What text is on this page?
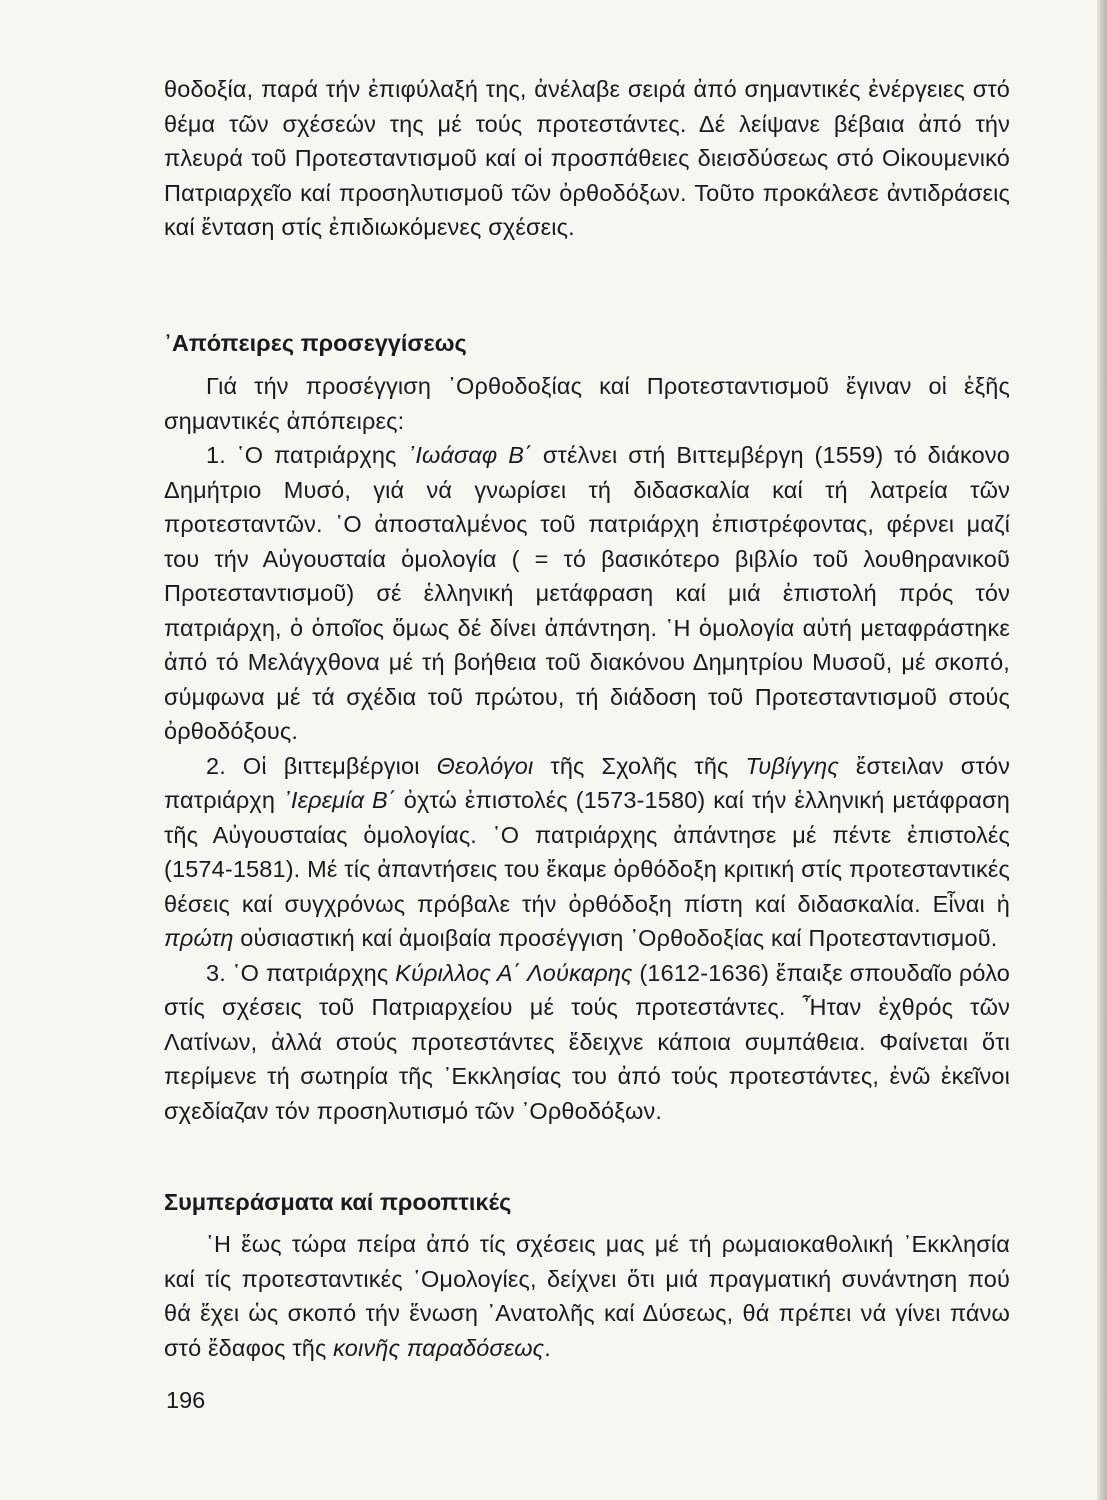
θοδοξία, παρά τήν ἐπιφύλαξή της, ἀνέλαβε σειρά ἀπό σημαντικές ἐνέργειες στό θέμα τῶν σχέσεών της μέ τούς προτεστάντες. Δέ λείψανε βέβαια ἀπό τήν πλευρά τοῦ Προτεσταντισμοῦ καί οἱ προσπάθειες διεισδύσεως στό Οἰκουμενικό Πατριαρχεῖο καί προσηλυτισμοῦ τῶν ὀρθοδόξων. Τοῦτο προκάλεσε ἀντιδράσεις καί ἔνταση στίς ἐπιδιωκόμενες σχέσεις.

᾿Απόπειρες προσεγγίσεως

Γιά τήν προσέγγιση ᾿Ορθοδοξίας καί Προτεσταντισμοῦ ἔγιναν οἱ ἑξῆς σημαντικές ἀπόπειρες:

1. ῾Ο πατριάρχης ᾿Ιωάσαφ Β΄ στέλνει στή Βιττεμβέργη (1559) τό διάκονο Δημήτριο Μυσό, γιά νά γνωρίσει τή διδασκαλία καί τή λατρεία τῶν προτεσταντῶν. ῾Ο ἀποσταλμένος τοῦ πατριάρχη ἐπιστρέφοντας, φέρνει μαζί του τήν Αὐγουσταία ὁμολογία ( = τό βασικότερο βιβλίο τοῦ λουθηρανικοῦ Προτεσταντισμοῦ) σέ ἑλληνική μετάφραση καί μιά ἐπιστολή πρός τόν πατριάρχη, ὁ ὁποῖος ὅμως δέ δίνει ἀπάντηση. ῾Η ὁμολογία αὐτή μεταφράστηκε ἀπό τό Μελάγχθονα μέ τή βοήθεια τοῦ διακόνου Δημητρίου Μυσοῦ, μέ σκοπό, σύμφωνα μέ τά σχέδια τοῦ πρώτου, τή διάδοση τοῦ Προτεσταντισμοῦ στούς ὀρθοδόξους.

2. Οἱ βιττεμβέργιοι Θεολόγοι τῆς Σχολῆς τῆς Τυβίγγης ἔστειλαν στόν πατριάρχη ᾿Ιερεμία Β΄ ὀχτώ ἐπιστολές (1573-1580) καί τήν ἑλληνική μετάφραση τῆς Αὐγουσταίας ὁμολογίας. ῾Ο πατριάρχης ἀπάντησε μέ πέντε ἐπιστολές (1574-1581). Μέ τίς ἀπαντήσεις του ἔκαμε ὀρθόδοξη κριτική στίς προτεσταντικές θέσεις καί συγχρόνως πρόβαλε τήν ὀρθόδοξη πίστη καί διδασκαλία. Εἶναι ἡ πρώτη οὐσιαστική καί ἀμοιβαία προσέγγιση ᾿Ορθοδοξίας καί Προτεσταντισμοῦ.

3. ῾Ο πατριάρχης Κύριλλος Α΄ Λούκαρης (1612-1636) ἔπαιξε σπουδαῖο ρόλο στίς σχέσεις τοῦ Πατριαρχείου μέ τούς προτεστάντες. Ἦταν ἐχθρός τῶν Λατίνων, ἀλλά στούς προτεστάντες ἔδειχνε κάποια συμπάθεια. Φαίνεται ὅτι περίμενε τή σωτηρία τῆς ᾿Εκκλησίας του ἀπό τούς προτεστάντες, ἐνῶ ἐκεῖνοι σχεδίαζαν τόν προσηλυτισμό τῶν ᾿Ορθοδόξων.

Συμπεράσματα καί προοπτικές

῾Η ἕως τώρα πείρα ἀπό τίς σχέσεις μας μέ τή ρωμαιοκαθολική ᾿Εκκλησία καί τίς προτεσταντικές ῾Ομολογίες, δείχνει ὅτι μιά πραγματική συνάντηση πού θά ἔχει ὡς σκοπό τήν ἕνωση ᾿Ανατολῆς καί Δύσεως, θά πρέπει νά γίνει πάνω στό ἔδαφος τῆς κοινῆς παραδόσεως.

196
